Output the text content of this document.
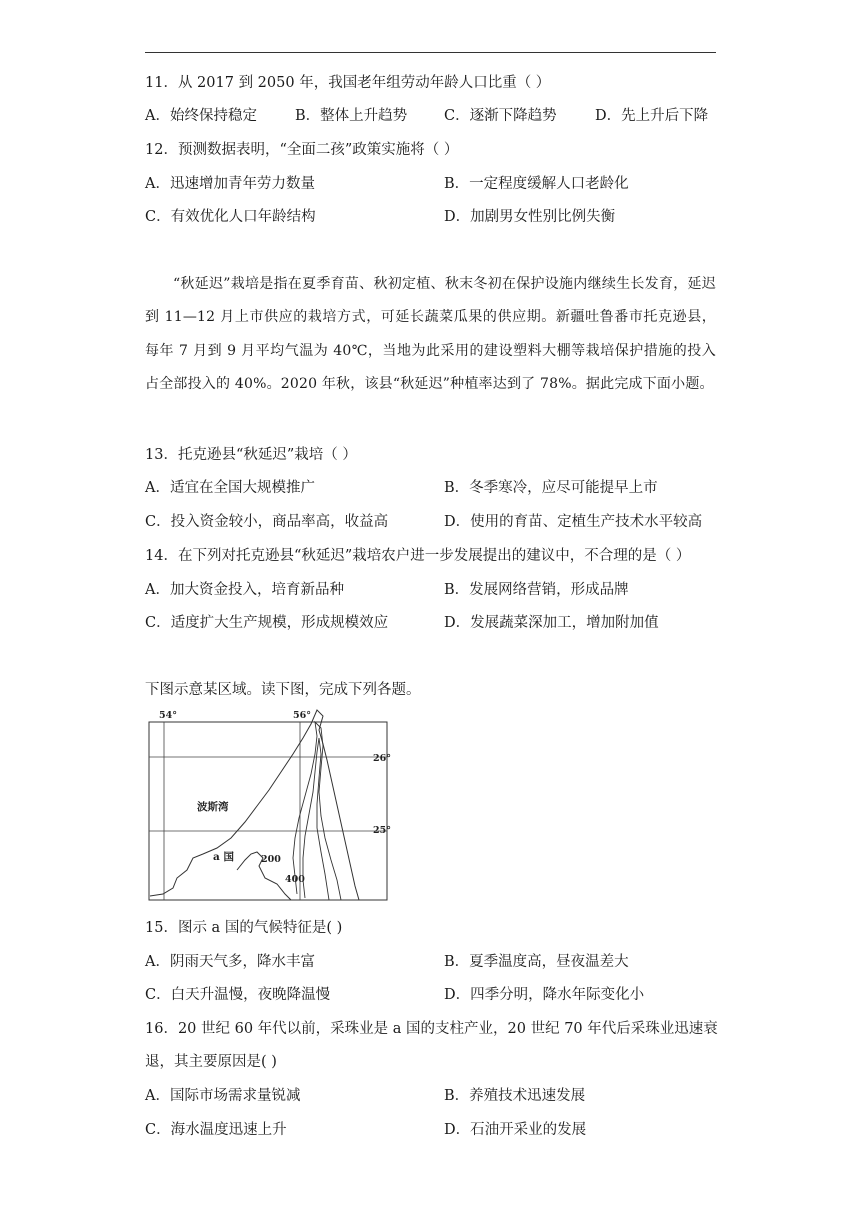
11．从 2017 到 2050 年，我国老年组劳动年龄人口比重（ ）
A．始终保持稳定	B．整体上升趋势	C．逐渐下降趋势	D．先上升后下降
12．预测数据表明，“全面二孩”政策实施将（ ）
A．迅速增加青年劳力数量	B．一定程度缓解人口老龄化
C．有效优化人口年龄结构	D．加剧男女性别比例失衡

“秋延迟”栽培是指在夏季育苗、秋初定植、秋末冬初在保护设施内继续生长发育，延迟到 11—12 月上市供应的栽培方式，可延长蔬菜瓜果的供应期。新疆吐鲁番市托克逊县，每年 7 月到 9 月平均气温为 40℃，当地为此采用的建设塑料大棚等栽培保护措施的投入占全部投入的 40%。2020 年秋，该县“秋延迟”种植率达到了 78%。据此完成下面小题。

13．托克逊县“秋延迟”栽培（ ）
A．适宜在全国大规模推广	B．冬季寒冷，应尽可能提早上市
C．投入资金较小，商品率高，收益高	D．使用的育苗、定植生产技术水平较高
14．在下列对托克逊县“秋延迟”栽培农户进一步发展提出的建议中，不合理的是（ ）
A．加大资金投入，培育新品种	B．发展网络营销，形成品牌
C．适度扩大生产规模，形成规模效应	D．发展蔬菜深加工，增加附加值
下图示意某区域。读下图，完成下列各题。
54°	56°
26°
25°
波斯湾
a 国	200
400
15．图示 a 国的气候特征是( )
A．阴雨天气多，降水丰富	B．夏季温度高，昼夜温差大
C．白天升温慢，夜晚降温慢	D．四季分明，降水年际变化小
16．20 世纪 60 年代以前，采珠业是 a 国的支柱产业，20 世纪 70 年代后采珠业迅速衰
退，其主要原因是( )
A．国际市场需求量锐减	B．养殖技术迅速发展
C．海水温度迅速上升	D．石油开采业的发展
